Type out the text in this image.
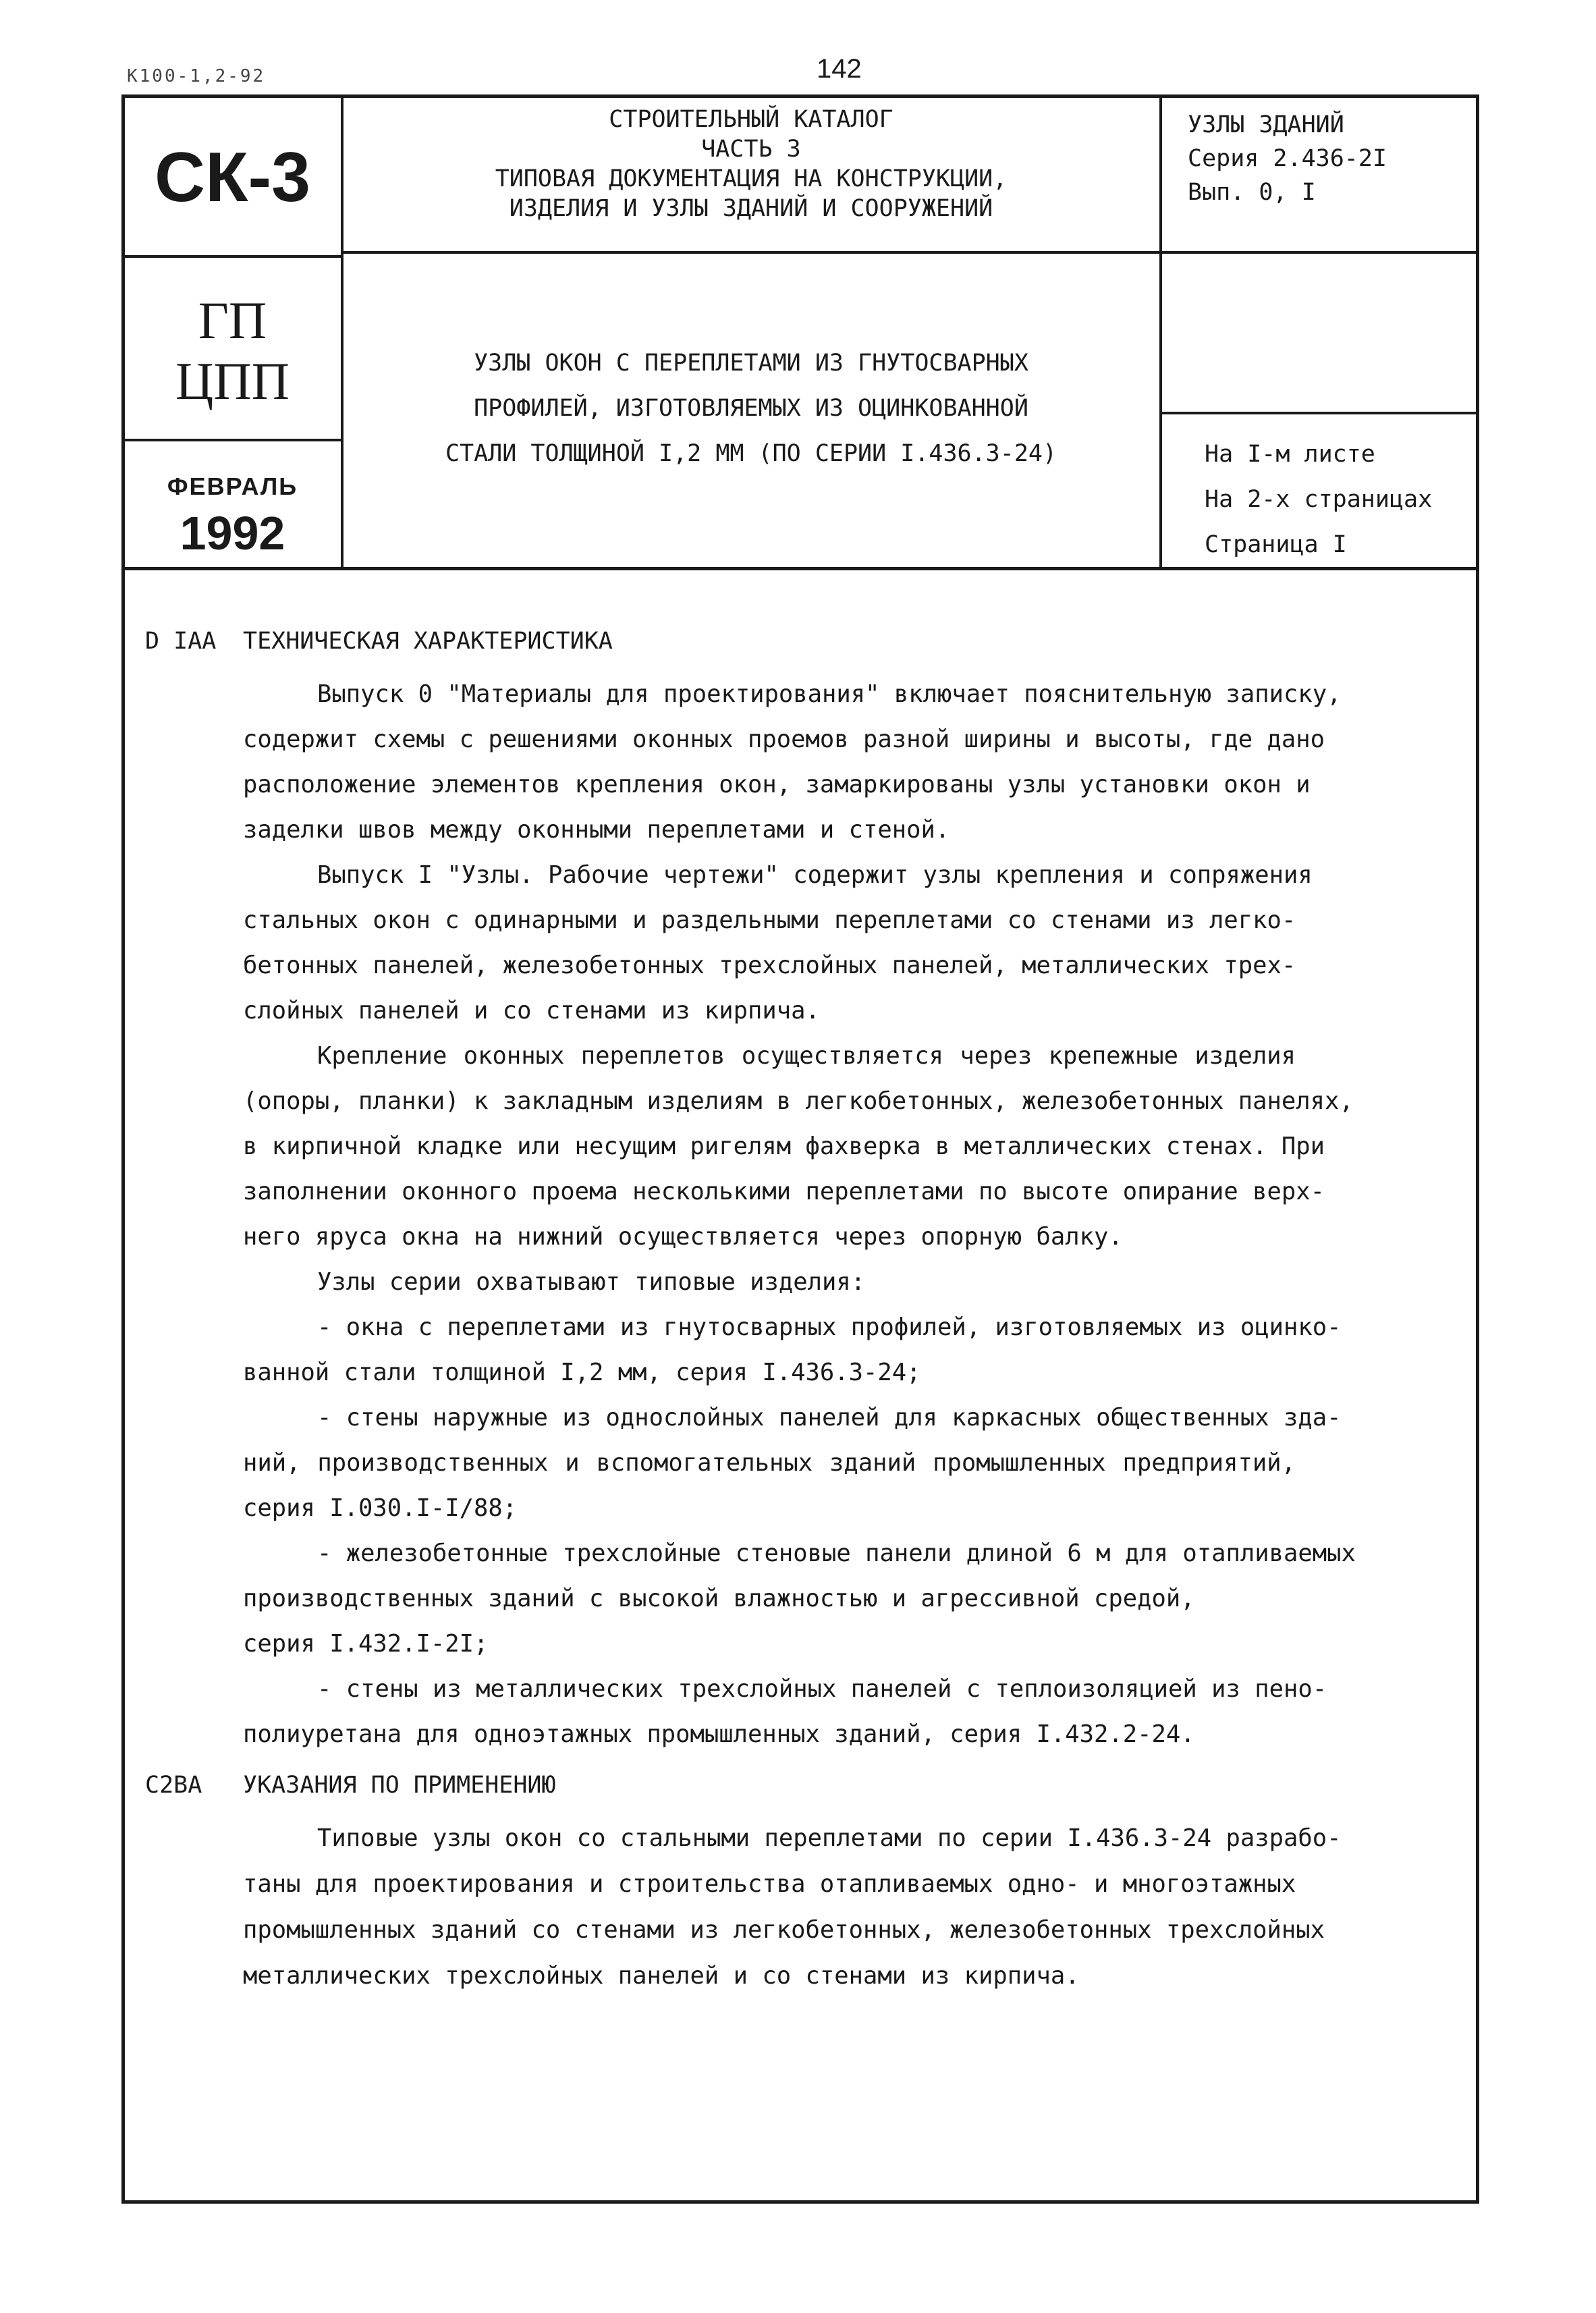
К100-1,2-92	142
СК-3
ГП
ЦПП
ФЕВРАЛЬ
1992
СТРОИТЕЛЬНЫЙ КАТАЛОГ
ЧАСТЬ 3
ТИПОВАЯ ДОКУМЕНТАЦИЯ НА КОНСТРУКЦИИ,
ИЗДЕЛИЯ И УЗЛЫ ЗДАНИЙ И СООРУЖЕНИЙ
УЗЛЫ ЗДАНИЙ
Серия 2.436-2I
Вып. 0, I
УЗЛЫ ОКОН С ПЕРЕПЛЕТАМИ ИЗ ГНУТОСВАРНЫХ
ПРОФИЛЕЙ, ИЗГОТОВЛЯЕМЫХ ИЗ ОЦИНКОВАННОЙ
СТАЛИ ТОЛЩИНОЙ I,2 ММ (ПО СЕРИИ I.436.3-24)	На I-м листе
На 2-х страницах
Страница I
D IAA ТЕХНИЧЕСКАЯ ХАРАКТЕРИСТИКА
Выпуск 0 "Материалы для проектирования" включает пояснительную записку,
содержит схемы с решениями оконных проемов разной ширины и высоты, где дано
расположение элементов крепления окон, замаркированы узлы установки окон и
заделки швов между оконными переплетами и стеной.
Выпуск I "Узлы. Рабочие чертежи" содержит узлы крепления и сопряжения
стальных окон с одинарными и раздельными переплетами со стенами из легко-
бетонных панелей, железобетонных трехслойных панелей, металлических трех-
слойных панелей и со стенами из кирпича.
Крепление оконных переплетов осуществляется через крепежные изделия
(опоры, планки) к закладным изделиям в легкобетонных, железобетонных панелях,
в кирпичной кладке или несущим ригелям фахверка в металлических стенах. При
заполнении оконного проема несколькими переплетами по высоте опирание верх-
него яруса окна на нижний осуществляется через опорную балку.
Узлы серии охватывают типовые изделия:
- окна с переплетами из гнутосварных профилей, изготовляемых из оцинко-
ванной стали толщиной I,2 мм, серия I.436.3-24;
- стены наружные из однослойных панелей для каркасных общественных зда-
ний, производственных и вспомогательных зданий промышленных предприятий,
серия I.030.I-I/88;
- железобетонные трехслойные стеновые панели длиной 6 м для отапливаемых
производственных зданий с высокой влажностью и агрессивной средой,
серия I.432.I-2I;
- стены из металлических трехслойных панелей с теплоизоляцией из пено-
полиуретана для одноэтажных промышленных зданий, серия I.432.2-24.
C2BA УКАЗАНИЯ ПО ПРИМЕНЕНИЮ
Типовые узлы окон со стальными переплетами по серии I.436.3-24 разрабо-
таны для проектирования и строительства отапливаемых одно- и многоэтажных
промышленных зданий со стенами из легкобетонных, железобетонных трехслойных
металлических трехслойных панелей и со стенами из кирпича.
